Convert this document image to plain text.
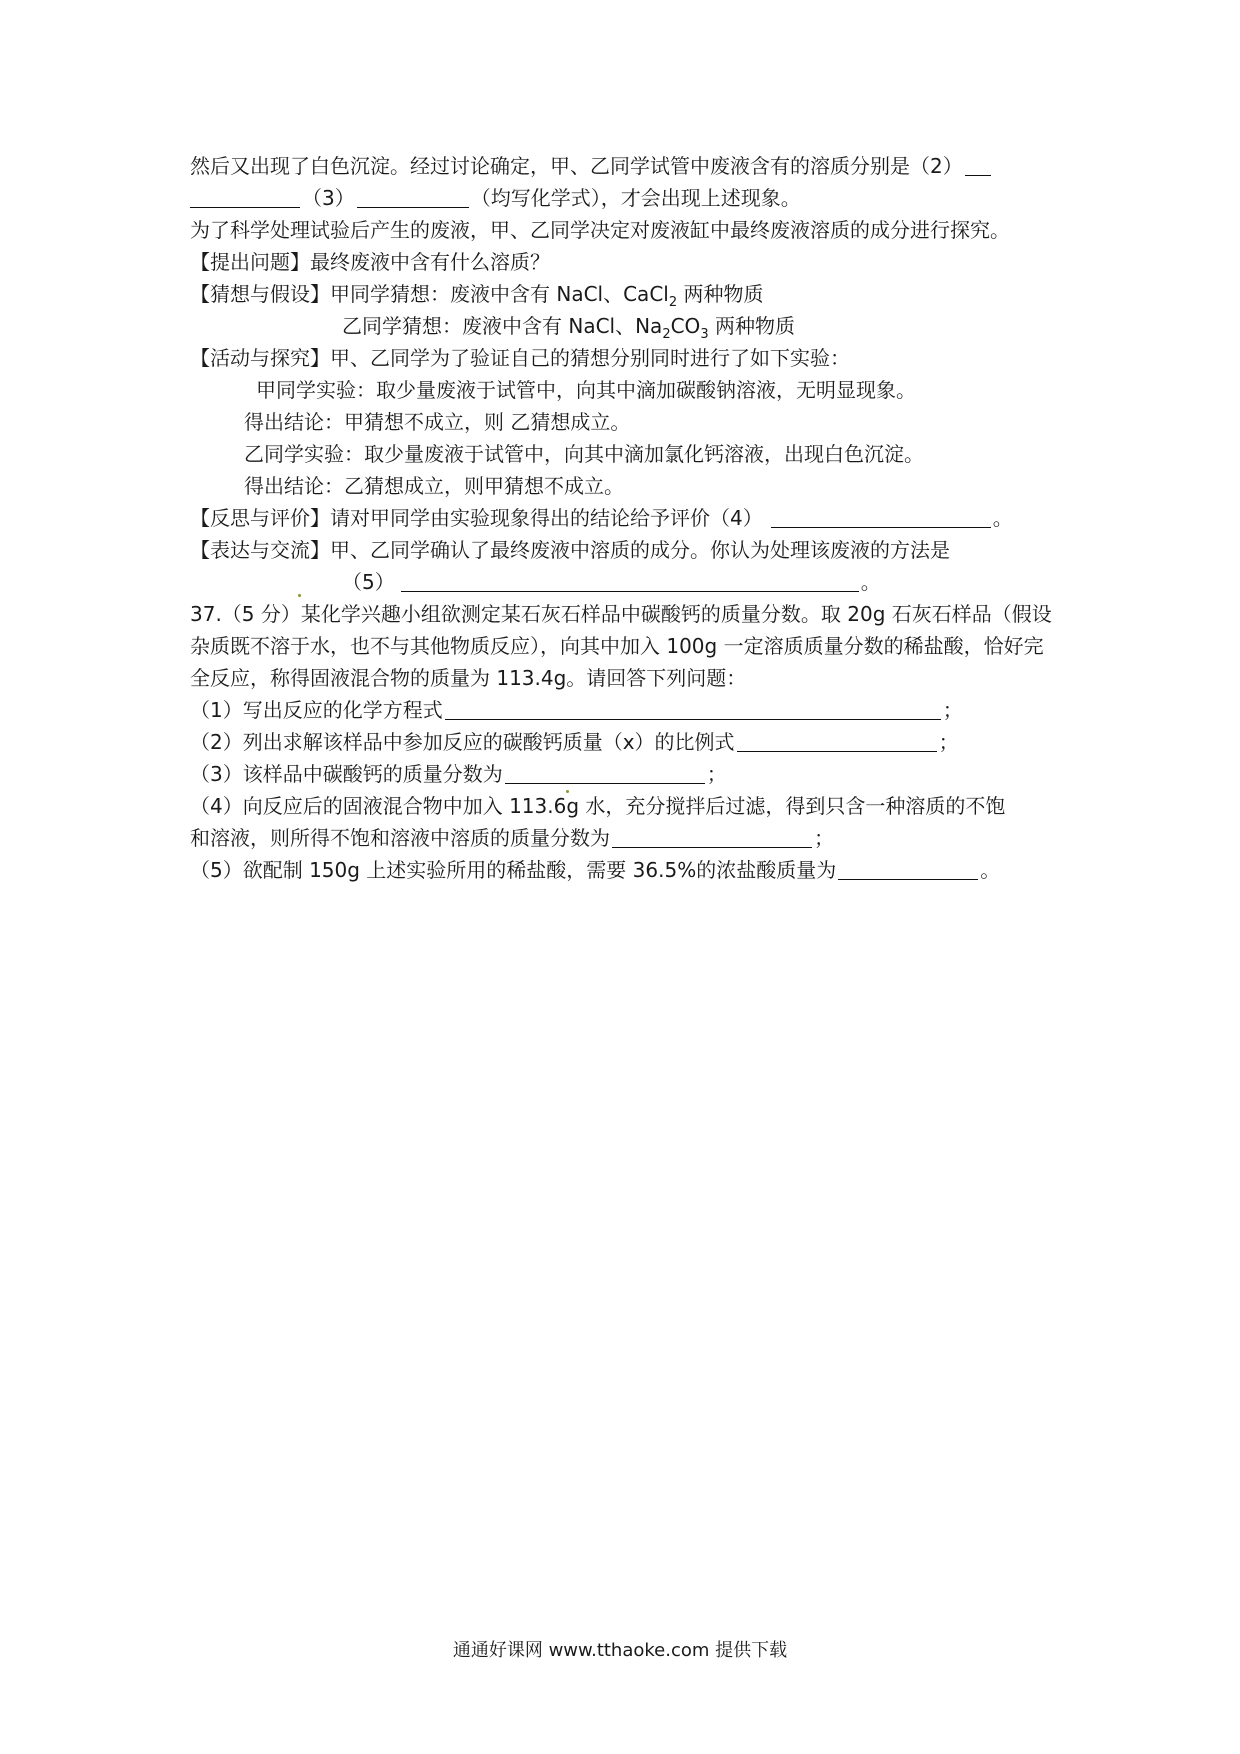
然后又出现了白色沉淀。经过讨论确定，甲、乙同学试管中废液含有的溶质分别是（2）
（3）	（均写化学式），才会出现上述现象。
为了科学处理试验后产生的废液，甲、乙同学决定对废液缸中最终废液溶质的成分进行探究。
【提出问题】最终废液中含有什么溶质？
【猜想与假设】甲同学猜想：废液中含有 NaCl、CaCl$_2$ 两种物质
乙同学猜想：废液中含有 NaCl、$Na_2CO_3$ 两种物质
【活动与探究】甲、乙同学为了验证自己的猜想分别同时进行了如下实验：
甲同学实验：取少量废液于试管中，向其中滴加碳酸钠溶液，无明显现象。
得出结论：甲猜想不成立，则 乙猜想成立。
乙同学实验：取少量废液于试管中，向其中滴加氯化钙溶液，出现白色沉淀。
得出结论：乙猜想成立，则甲猜想不成立。
【反思与评价】请对甲同学由实验现象得出的结论给予评价（4）	。
【表达与交流】甲、乙同学确认了最终废液中溶质的成分。你认为处理该废液的方法是
（5）	。
37.（5 分）某化学兴趣小组欲测定某石灰石样品中碳酸钙的质量分数。取 20g 石灰石样品（假设杂质既不溶于水，也不与其他物质反应），向其中加入 100g 一定溶质质量分数的稀盐酸，恰好完全反应，称得固液混合物的质量为 113.4g。请回答下列问题：
（1）写出反应的化学方程式	；
（2）列出求解该样品中参加反应的碳酸钙质量（x）的比例式	；
（3）该样品中碳酸钙的质量分数为	；
（4）向反应后的固液混合物中加入 113.6g 水，充分搅拌后过滤，得到只含一种溶质的不饱
和溶液，则所得不饱和溶液中溶质的质量分数为	；
（5）欲配制 150g 上述实验所用的稀盐酸，需要 36.5%的浓盐酸质量为	。
通通好课网 www.tthaoke.com 提供下载
